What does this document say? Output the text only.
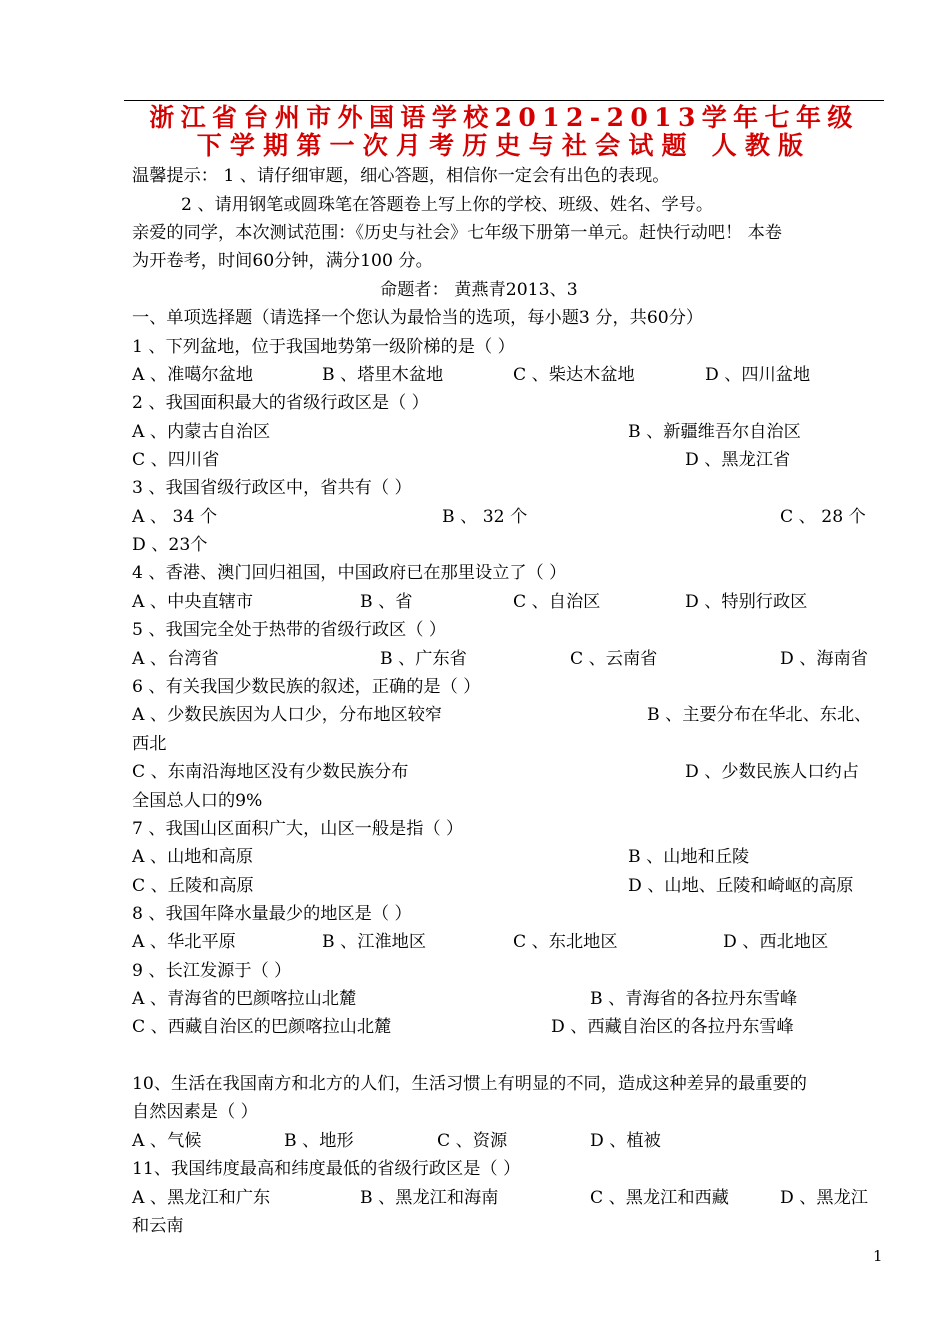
浙江省台州市外国语学校2012-2013学年七年级
下学期第一次月考历史与社会试题 人教版
温馨提示： 1 、请仔细审题，细心答题，相信你一定会有出色的表现。
2 、请用钢笔或圆珠笔在答题卷上写上你的学校、班级、姓名、学号。
亲爱的同学，本次测试范围：《历史与社会》七年级下册第一单元。赶快行动吧！ 本卷
为开卷考，时间60分钟，满分100 分。
命题者： 黄燕青2013、3
一、单项选择题（请选择一个您认为最恰当的选项，每小题3 分，共60分）
1 、下列盆地，位于我国地势第一级阶梯的是（ ）
A 、准噶尔盆地	B 、塔里木盆地	C 、柴达木盆地	D 、四川盆地
2 、我国面积最大的省级行政区是（ ）
A 、内蒙古自治区	B 、新疆维吾尔自治区
C 、四川省	D 、黑龙江省
3 、我国省级行政区中，省共有（ ）
A 、 34 个	B 、 32 个	C 、 28 个
D 、23个
4 、香港、澳门回归祖国，中国政府已在那里设立了（ ）
A 、中央直辖市	B 、省	C 、自治区	D 、特别行政区
5 、我国完全处于热带的省级行政区（ ）
A 、台湾省	B 、广东省	C 、云南省	D 、海南省
6 、有关我国少数民族的叙述，正确的是（ ）
A 、少数民族因为人口少，分布地区较窄	B 、主要分布在华北、东北、
西北
C 、东南沿海地区没有少数民族分布	D 、少数民族人口约占
全国总人口的9%
7 、我国山区面积广大，山区一般是指（ ）
A 、山地和高原	B 、山地和丘陵
C 、丘陵和高原	D 、山地、丘陵和崎岖的高原
8 、我国年降水量最少的地区是（ ）
A 、华北平原	B 、江淮地区	C 、东北地区	D 、西北地区
9 、长江发源于（ ）
A 、青海省的巴颜喀拉山北麓	B 、青海省的各拉丹东雪峰
C 、西藏自治区的巴颜喀拉山北麓	D 、西藏自治区的各拉丹东雪峰
10、生活在我国南方和北方的人们，生活习惯上有明显的不同，造成这种差异的最重要的
自然因素是（ ）
A 、气候	B 、地形	C 、资源	D 、植被
11、我国纬度最高和纬度最低的省级行政区是（ ）
A 、黑龙江和广东	B 、黑龙江和海南	C 、黑龙江和西藏	D 、黑龙江
和云南
1
